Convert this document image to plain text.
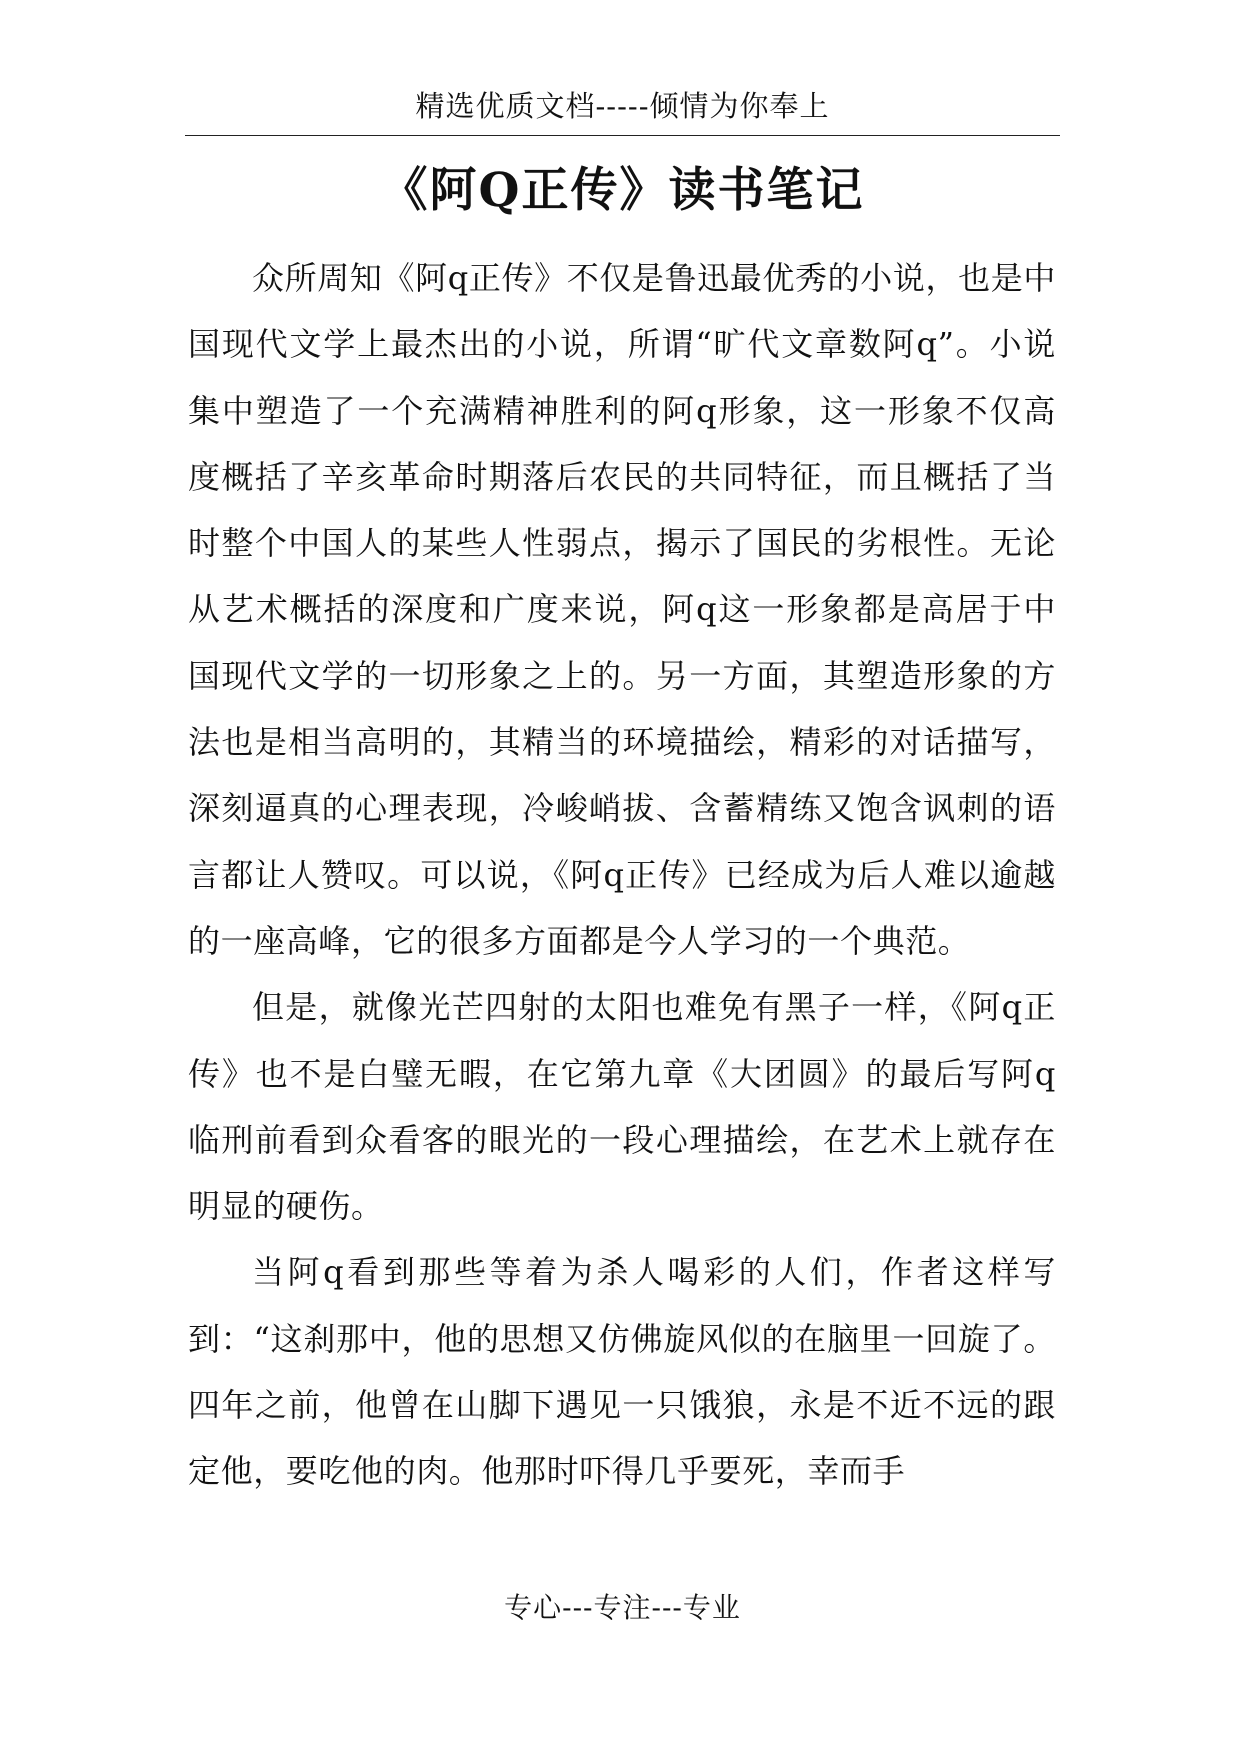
精选优质文档-----倾情为你奉上
《阿Q正传》读书笔记

众所周知《阿q正传》不仅是鲁迅最优秀的小说，也是中国现代文学上最杰出的小说，所谓“旷代文章数阿q”。小说集中塑造了一个充满精神胜利的阿q形象，这一形象不仅高度概括了辛亥革命时期落后农民的共同特征，而且概括了当时整个中国人的某些人性弱点，揭示了国民的劣根性。无论从艺术概括的深度和广度来说，阿q这一形象都是高居于中国现代文学的一切形象之上的。另一方面，其塑造形象的方法也是相当高明的，其精当的环境描绘，精彩的对话描写，深刻逼真的心理表现，冷峻峭拔、含蓄精练又饱含讽刺的语言都让人赞叹。可以说，《阿q正传》已经成为后人难以逾越的一座高峰，它的很多方面都是今人学习的一个典范。

但是，就像光芒四射的太阳也难免有黑子一样，《阿q正传》也不是白璧无暇，在它第九章《大团圆》的最后写阿q临刑前看到众看客的眼光的一段心理描绘，在艺术上就存在明显的硬伤。

当阿q看到那些等着为杀人喝彩的人们，作者这样写到：“这刹那中，他的思想又仿佛旋风似的在脑里一回旋了。四年之前，他曾在山脚下遇见一只饿狼，永是不近不远的跟定他，要吃他的肉。他那时吓得几乎要死，幸而手

专心---专注---专业
